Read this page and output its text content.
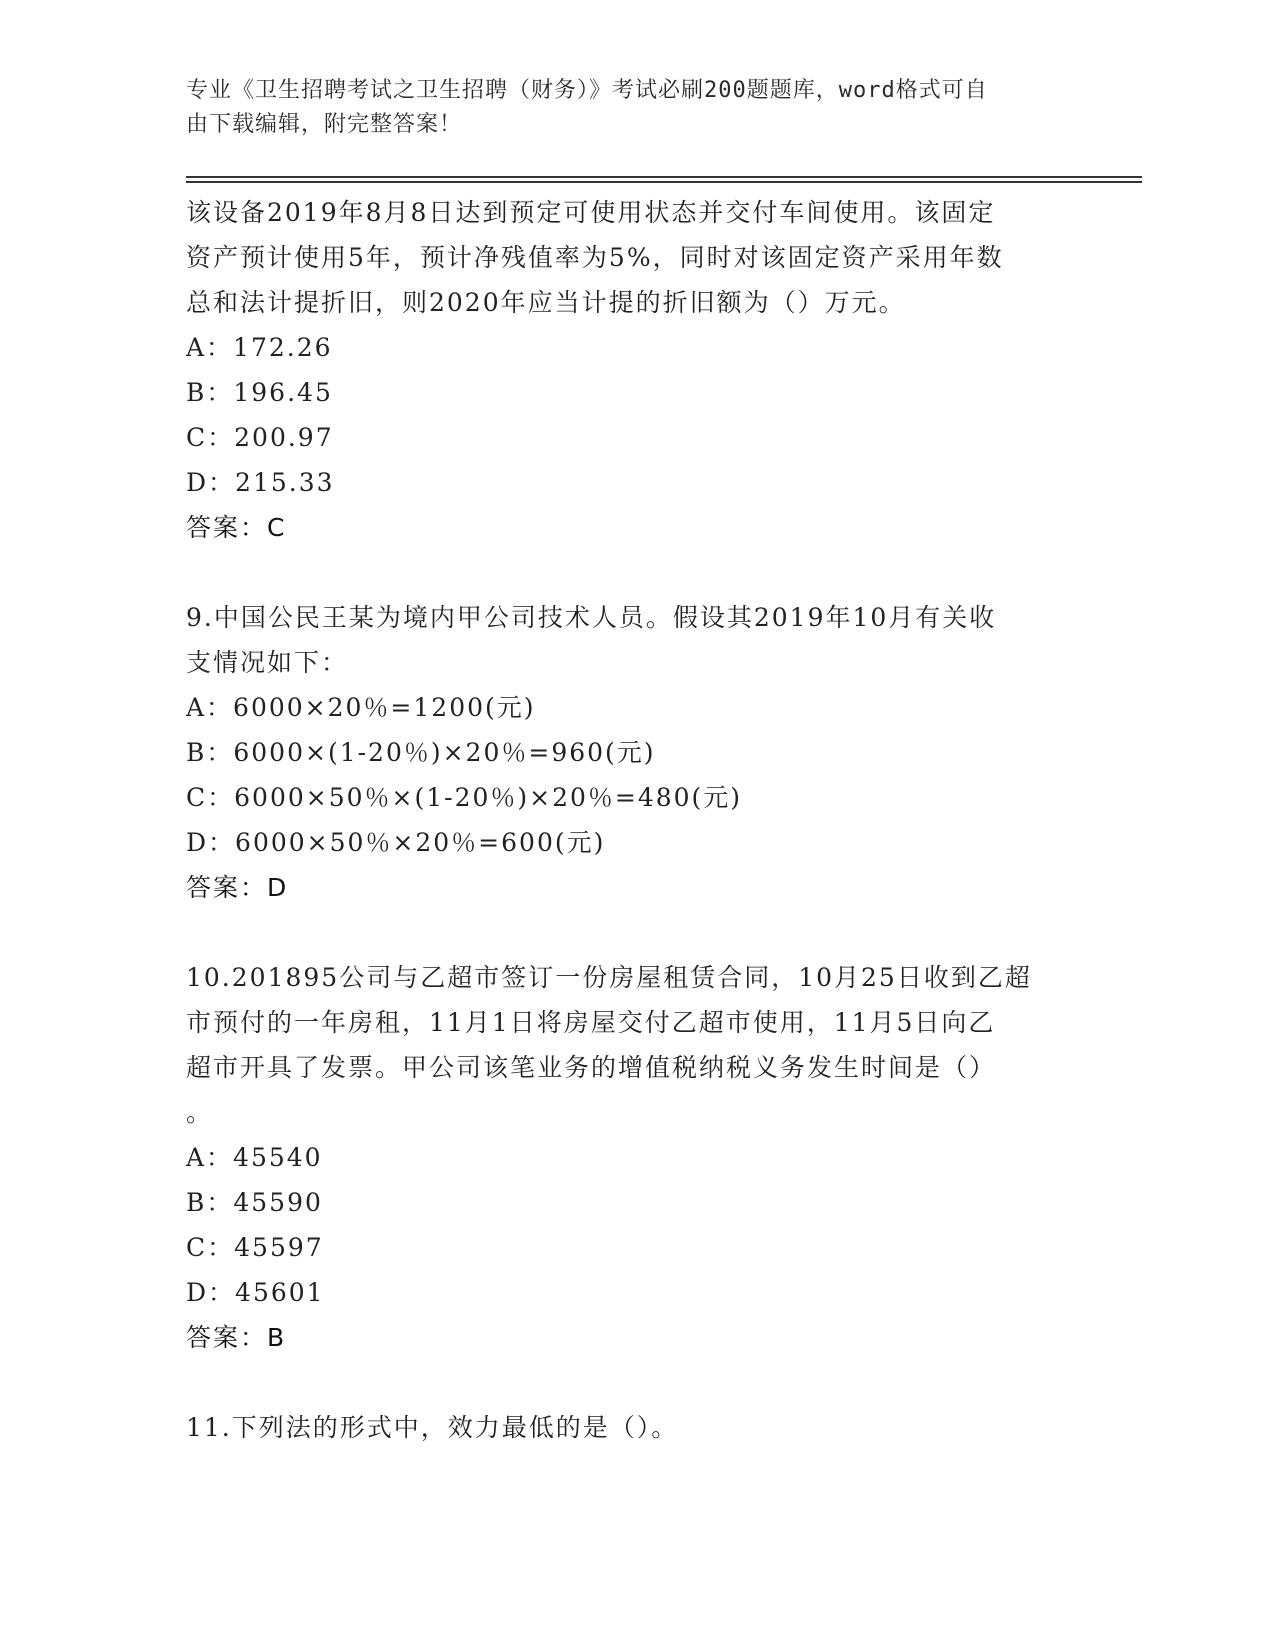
专业《卫生招聘考试之卫生招聘（财务）》考试必刷200题题库，word格式可自
由下载编辑，附完整答案！
该设备2019年8月8日达到预定可使用状态并交付车间使用。该固定
资产预计使用5年，预计净残值率为5%，同时对该固定资产采用年数
总和法计提折旧，则2020年应当计提的折旧额为（）万元。
A：172.26
B：196.45
C：200.97
D：215.33
答案：C
9.中国公民王某为境内甲公司技术人员。假设其2019年10月有关收
支情况如下：
A：6000×20％=1200(元)
B：6000×(1-20％)×20％=960(元)
C：6000×50％×(1-20％)×20％=480(元)
D：6000×50％×20％=600(元)
答案：D
10.201895公司与乙超市签订一份房屋租赁合同，10月25日收到乙超
市预付的一年房租，11月1日将房屋交付乙超市使用，11月5日向乙
超市开具了发票。甲公司该笔业务的增值税纳税义务发生时间是（）
。
A：45540
B：45590
C：45597
D：45601
答案：B
11.下列法的形式中，效力最低的是（）。
